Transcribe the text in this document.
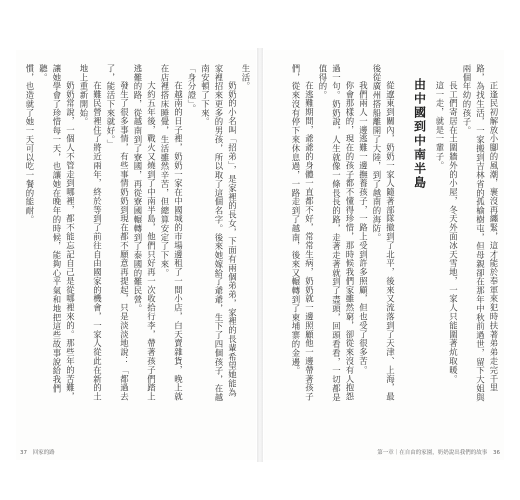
生活。
奶奶的小名叫「招弟」，是家裡的長女，下面有兩個弟弟，家裡的長輩希望她能為家裡招來更多的男孩，所以取了這個名字。後來她嫁給了爺爺，生下了四個孩子，在越南安頓了下來。
「身分證」。
在越南的日子裡，奶奶一家在中國城的市場邊租了一間小店，白天賣雜貨，晚上就在店裡搭床睡覺，生活雖然辛苦，但總算安定了下來。
大約五年後，戰火又燒到了中南半島，他們只好再一次收拾行李，帶著孩子們踏上逃難的路，從越南到了寮國，再從寮國輾轉到了泰國的難民營。
發生了很多事情，有些事情奶奶到現在都不願意再提起，只是淡淡地說：「都過去了，能活下來就好。」
在難民營裡住了將近兩年，終於等到了前往自由國家的機會，一家人從此在新的土地上重新開始。
奶奶常說，一個人不管走到哪裡，都不能忘記自己是從哪裡來的。那些年的苦難，讓她學會了珍惜每一天，也讓她在晚年的時候，能夠心平氣和地把這些故事說給我們聽。
慣，也造就了她一天可以吃一餐的能耐。
37 回家的路
正逢民初解放小腳的風潮，裹沒再纏緊，這才能於奉軍來犯時扶著弟弟走完千里路，為找生活，一家搬到吉林省的孤榆樹屯，但母親卻在那年中秋前過世，留下大姐與兩個年幼的孩子。
長工們寄居在土圍牆外的小屋，冬天外面冰天雪地，一家人只能圍著炕取暖。
這一走，就是一輩子。
由中國到中南半島
從遼東到關內，奶奶一家人隨著部隊撤到了北平，後來又流落到了天津、上海，最後從廣州搭船離開了大陸，到了越南的海防。
我們兩人一邊逃難一邊撫養孩子，一路上受到許多照顧，但也受了很多苦。
你會那樣的，現在的孩子都不懂得珍惜，那時候我們家雖然窮，卻從來沒有人抱怨過一句。奶奶說，人生就像一條長長的路，走著走著就到了盡頭，回頭看看，一切都是值得的。
在逃難期間，爺爺的身體一直都不好，常常生病，奶奶就一邊照顧他一邊帶著孩子們，從來沒有停下來休息過，一路走到了越南，後來又輾轉到了柬埔寨的金邊。
第一章｜在自由的家園，奶奶說出我們的故事 36
